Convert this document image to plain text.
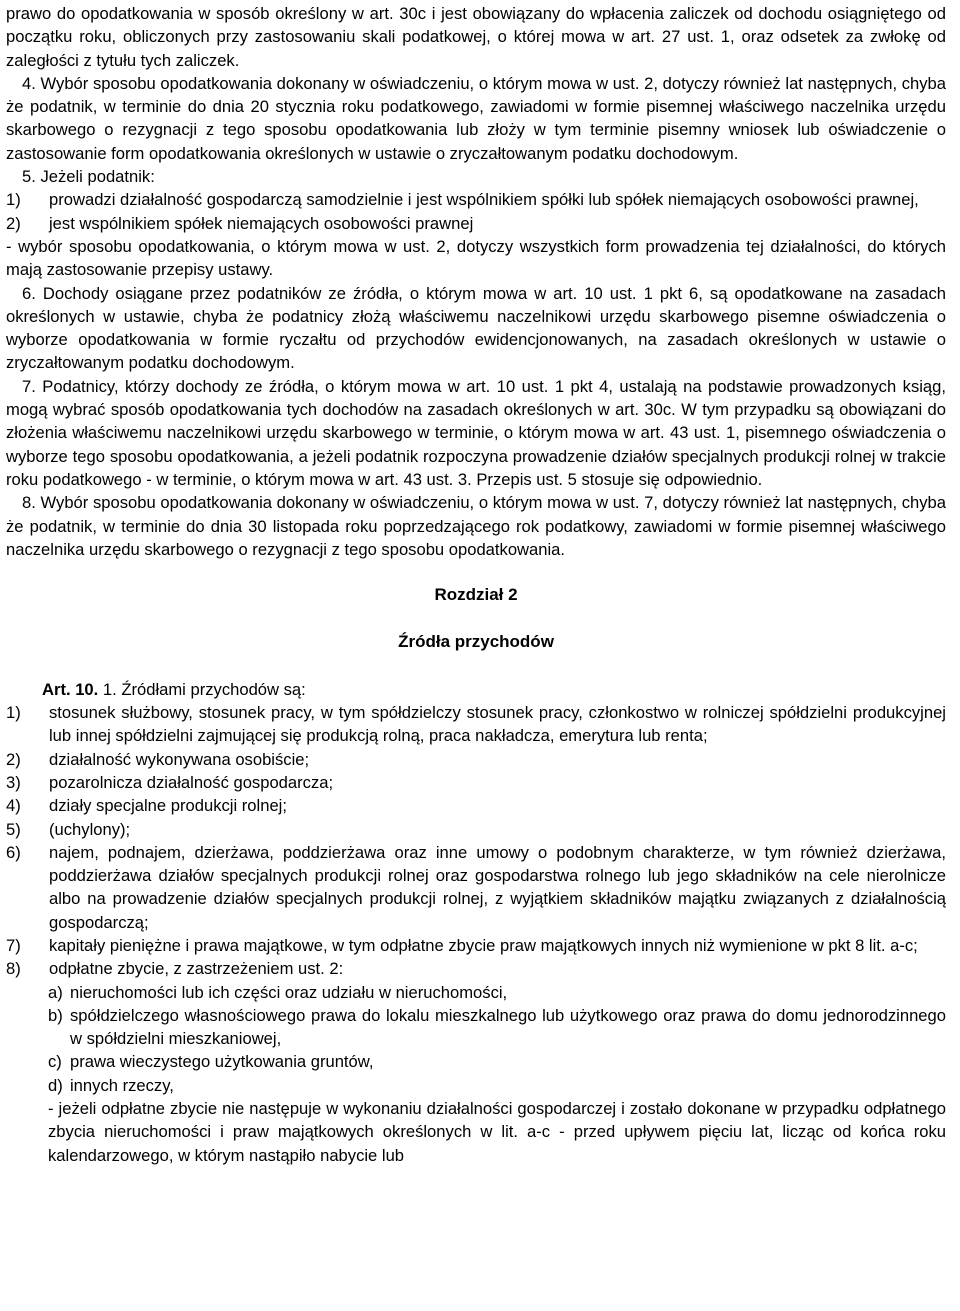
prawo do opodatkowania w sposób określony w art. 30c i jest obowiązany do wpłacenia zaliczek od dochodu osiągniętego od początku roku, obliczonych przy zastosowaniu skali podatkowej, o której mowa w art. 27 ust. 1, oraz odsetek za zwłokę od zaległości z tytułu tych zaliczek.

4. Wybór sposobu opodatkowania dokonany w oświadczeniu, o którym mowa w ust. 2, dotyczy również lat następnych, chyba że podatnik, w terminie do dnia 20 stycznia roku podatkowego, zawiadomi w formie pisemnej właściwego naczelnika urzędu skarbowego o rezygnacji z tego sposobu opodatkowania lub złoży w tym terminie pisemny wniosek lub oświadczenie o zastosowanie form opodatkowania określonych w ustawie o zryczałtowanym podatku dochodowym.

5. Jeżeli podatnik:

1)	prowadzi działalność gospodarczą samodzielnie i jest wspólnikiem spółki lub spółek niemających osobowości prawnej,
2)	jest wspólnikiem spółek niemających osobowości prawnej

- wybór sposobu opodatkowania, o którym mowa w ust. 2, dotyczy wszystkich form prowadzenia tej działalności, do których mają zastosowanie przepisy ustawy.

6. Dochody osiągane przez podatników ze źródła, o którym mowa w art. 10 ust. 1 pkt 6, są opodatkowane na zasadach określonych w ustawie, chyba że podatnicy złożą właściwemu naczelnikowi urzędu skarbowego pisemne oświadczenia o wyborze opodatkowania w formie ryczałtu od przychodów ewidencjonowanych, na zasadach określonych w ustawie o zryczałtowanym podatku dochodowym.

7. Podatnicy, którzy dochody ze źródła, o którym mowa w art. 10 ust. 1 pkt 4, ustalają na podstawie prowadzonych ksiąg, mogą wybrać sposób opodatkowania tych dochodów na zasadach określonych w art. 30c. W tym przypadku są obowiązani do złożenia właściwemu naczelnikowi urzędu skarbowego w terminie, o którym mowa w art. 43 ust. 1, pisemnego oświadczenia o wyborze tego sposobu opodatkowania, a jeżeli podatnik rozpoczyna prowadzenie działów specjalnych produkcji rolnej w trakcie roku podatkowego - w terminie, o którym mowa w art. 43 ust. 3. Przepis ust. 5 stosuje się odpowiednio.

8. Wybór sposobu opodatkowania dokonany w oświadczeniu, o którym mowa w ust. 7, dotyczy również lat następnych, chyba że podatnik, w terminie do dnia 30 listopada roku poprzedzającego rok podatkowy, zawiadomi w formie pisemnej właściwego naczelnika urzędu skarbowego o rezygnacji z tego sposobu opodatkowania.

Rozdział 2

Źródła przychodów

Art. 10. 1. Źródłami przychodów są:

1)	stosunek służbowy, stosunek pracy, w tym spółdzielczy stosunek pracy, członkostwo w rolniczej spółdzielni produkcyjnej lub innej spółdzielni zajmującej się produkcją rolną, praca nakładcza, emerytura lub renta;
2)	działalność wykonywana osobiście;
3)	pozarolnicza działalność gospodarcza;
4)	działy specjalne produkcji rolnej;
5)	(uchylony);
6)	najem, podnajem, dzierżawa, poddzierżawa oraz inne umowy o podobnym charakterze, w tym również dzierżawa, poddzierżawa działów specjalnych produkcji rolnej oraz gospodarstwa rolnego lub jego składników na cele nierolnicze albo na prowadzenie działów specjalnych produkcji rolnej, z wyjątkiem składników majątku związanych z działalnością gospodarczą;
7)	kapitały pieniężne i prawa majątkowe, w tym odpłatne zbycie praw majątkowych innych niż wymienione w pkt 8 lit. a-c;
8)	odpłatne zbycie, z zastrzeżeniem ust. 2:
a) nieruchomości lub ich części oraz udziału w nieruchomości,
b) spółdzielczego własnościowego prawa do lokalu mieszkalnego lub użytkowego oraz prawa do domu jednorodzinnego w spółdzielni mieszkaniowej,
c) prawa wieczystego użytkowania gruntów,
d) innych rzeczy,

- jeżeli odpłatne zbycie nie następuje w wykonaniu działalności gospodarczej i zostało dokonane w przypadku odpłatnego zbycia nieruchomości i praw majątkowych określonych w lit. a-c - przed upływem pięciu lat, licząc od końca roku kalendarzowego, w którym nastąpiło nabycie lub
